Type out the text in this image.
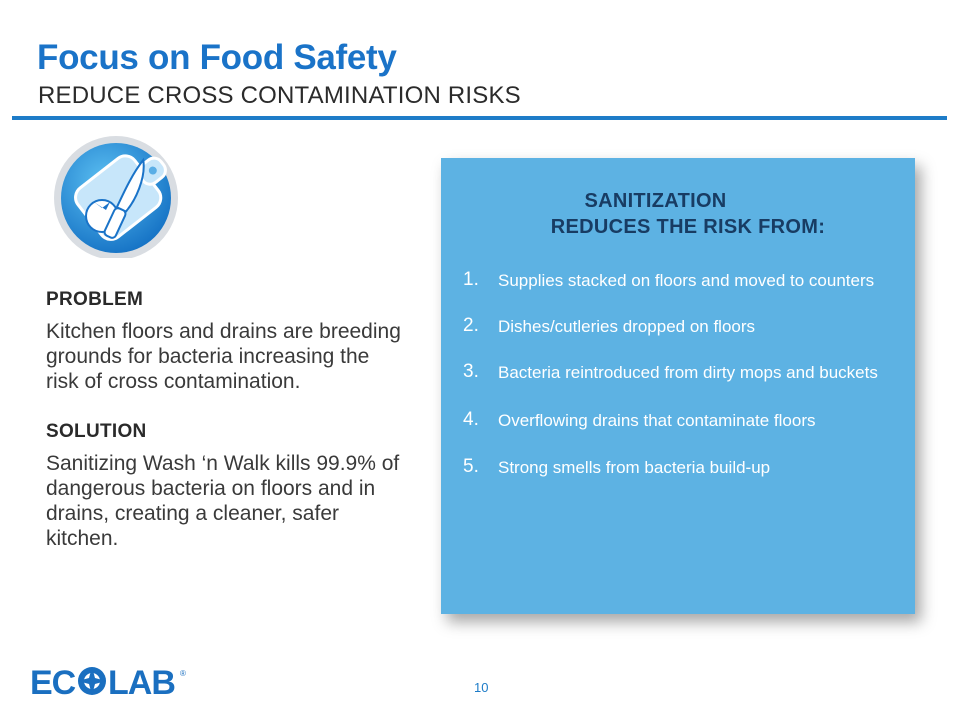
Focus on Food Safety
REDUCE CROSS CONTAMINATION RISKS

PROBLEM

Kitchen floors and drains are breeding grounds for bacteria increasing the risk of cross contamination.

SOLUTION

Sanitizing Wash ‘n Walk kills 99.9% of dangerous bacteria on floors and in drains, creating a cleaner, safer kitchen.

SANITIZATION
REDUCES THE RISK FROM:
1. Supplies stacked on floors and moved to counters
2. Dishes/cutleries dropped on floors
3. Bacteria reintroduced from dirty mops and buckets
4. Overflowing drains that contaminate floors
5. Strong smells from bacteria build-up
EC LAB ®
10
